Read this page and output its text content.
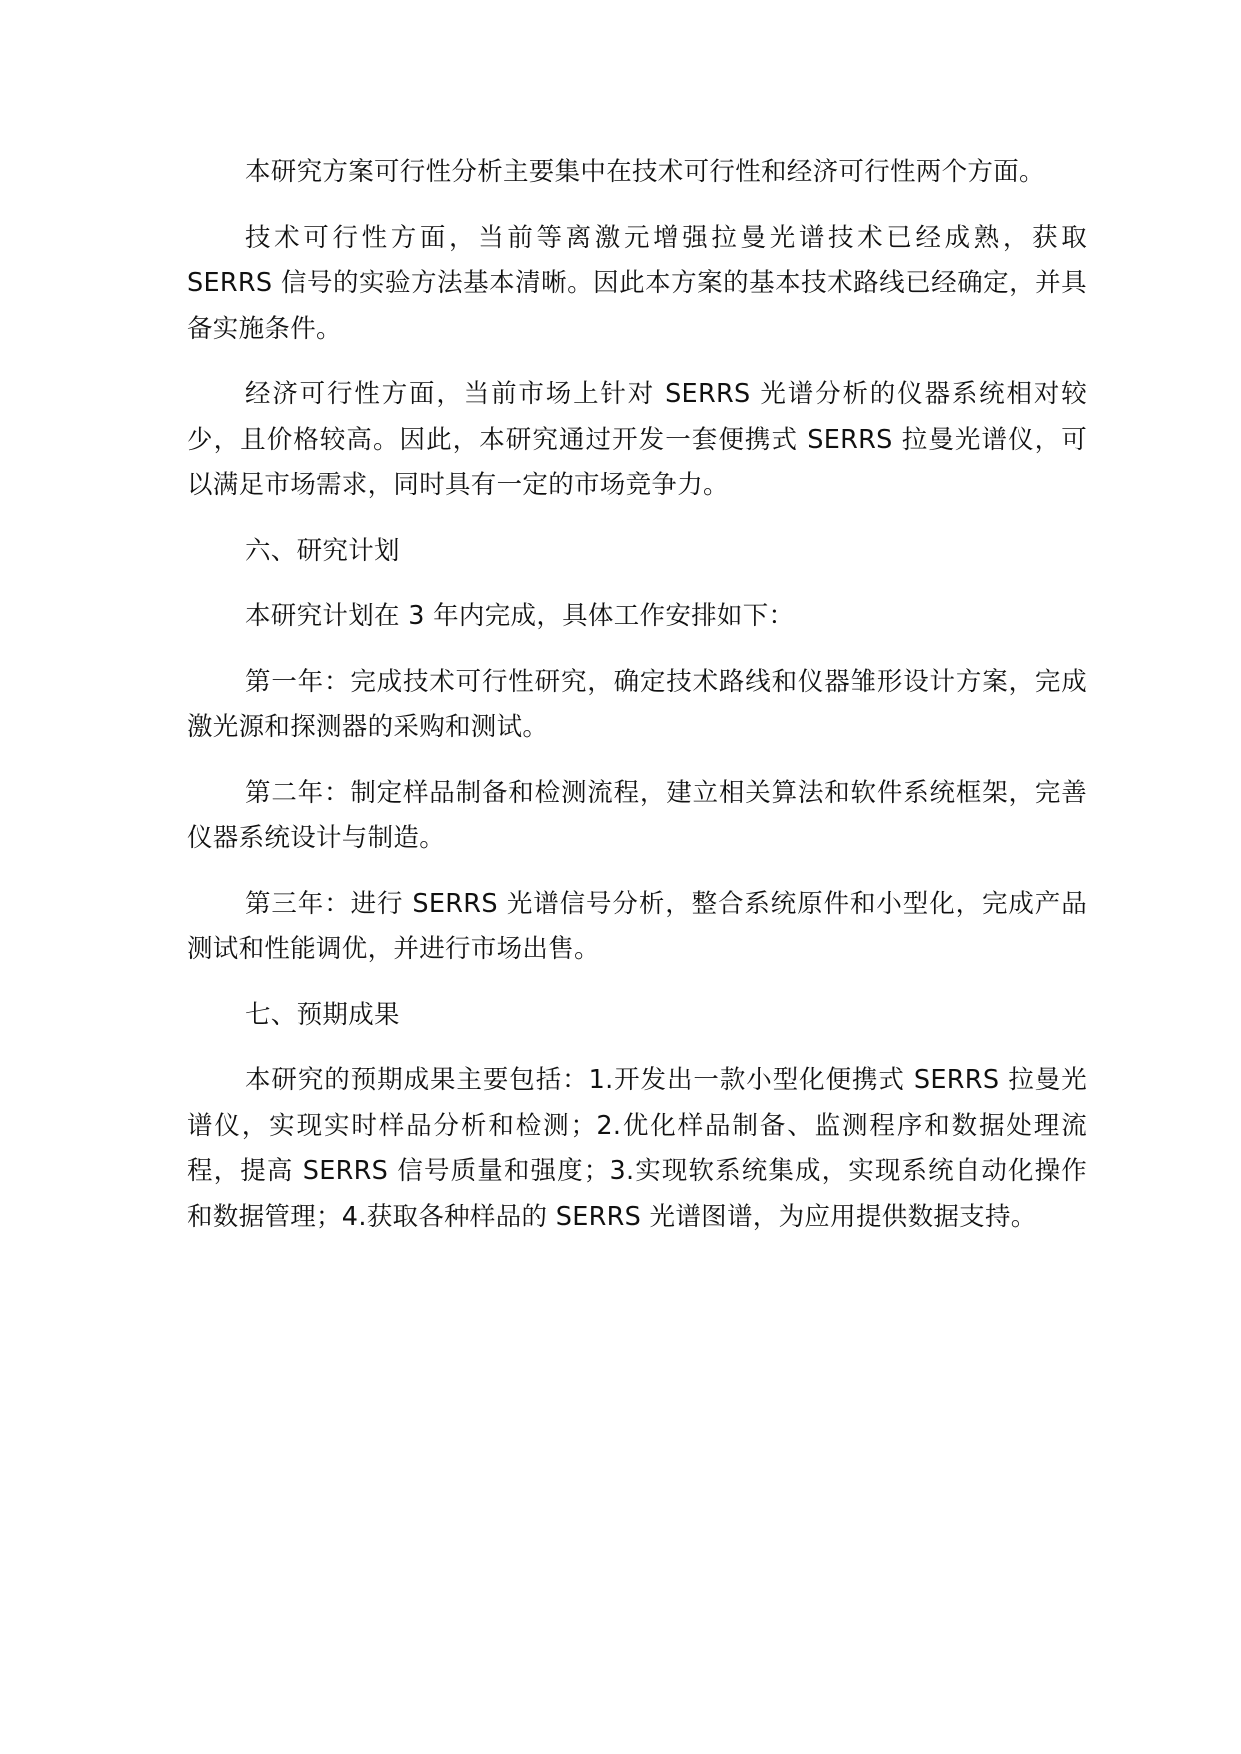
本研究方案可行性分析主要集中在技术可行性和经济可行性两个方面。

技术可行性方面，当前等离激元增强拉曼光谱技术已经成熟，获取 SERRS 信号的实验方法基本清晰。因此本方案的基本技术路线已经确定，并具备实施条件。

经济可行性方面，当前市场上针对 SERRS 光谱分析的仪器系统相对较少，且价格较高。因此，本研究通过开发一套便携式 SERRS 拉曼光谱仪，可以满足市场需求，同时具有一定的市场竞争力。

六、研究计划

本研究计划在 3 年内完成，具体工作安排如下：

第一年：完成技术可行性研究，确定技术路线和仪器雏形设计方案，完成激光源和探测器的采购和测试。

第二年：制定样品制备和检测流程，建立相关算法和软件系统框架，完善仪器系统设计与制造。

第三年：进行 SERRS 光谱信号分析，整合系统原件和小型化，完成产品测试和性能调优，并进行市场出售。

七、预期成果

本研究的预期成果主要包括：1.开发出一款小型化便携式 SERRS 拉曼光谱仪，实现实时样品分析和检测；2.优化样品制备、监测程序和数据处理流程，提高 SERRS 信号质量和强度；3.实现软系统集成，实现系统自动化操作和数据管理；4.获取各种样品的 SERRS 光谱图谱，为应用提供数据支持。
